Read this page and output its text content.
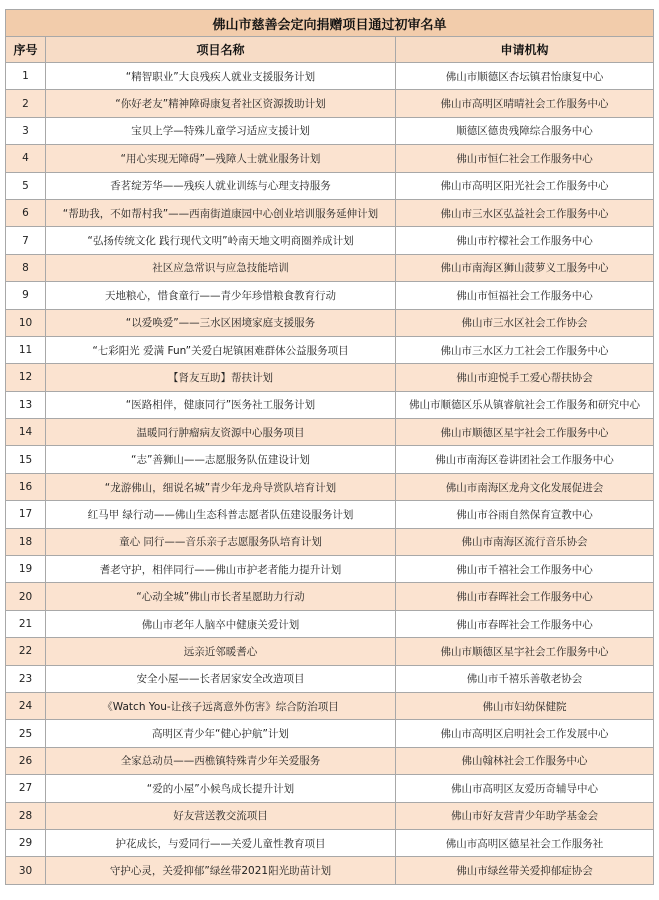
佛山市慈善会定向捐赠项目通过初审名单		
序号	项目名称	申请机构
1	“精智职业”大良残疾人就业支援服务计划	佛山市顺德区杏坛镇君怡康复中心
2	“你好老友”精神障碍康复者社区资源拨助计划	佛山市高明区晴晴社会工作服务中心
3	宝贝上学—特殊儿童学习适应支援计划	顺德区德贵残障综合服务中心
4	“用心实现无障碍”—残障人士就业服务计划	佛山市恒仁社会工作服务中心
5	香茗绽芳华——残疾人就业训练与心理支持服务	佛山市高明区阳光社会工作服务中心
6	“帮助我，不如帮村我”——西南街道康园中心创业培训服务延伸计划	佛山市三水区弘益社会工作服务中心
7	“弘扬传统文化 践行现代文明”岭南天地文明商圈养成计划	佛山市柠檬社会工作服务中心
8	社区应急常识与应急技能培训	佛山市南海区狮山菠萝义工服务中心
9	天地粮心，惜食童行——青少年珍惜粮食教育行动	佛山市恒福社会工作服务中心
10	“以爱唤爱”——三水区困境家庭支援服务	佛山市三水区社会工作协会
11	“七彩阳光 爱满 Fun”关爱白坭镇困难群体公益服务项目	佛山市三水区力工社会工作服务中心
12	【肾友互助】帮扶计划	佛山市迎悦手工爱心帮扶协会
13	“医路相伴，健康同行”医务社工服务计划	佛山市顺德区乐从镇睿航社会工作服务和研究中心
14	温暖同行肿瘤病友资源中心服务项目	佛山市顺德区星宇社会工作服务中心
15	“志”善狮山——志愿服务队伍建设计划	佛山市南海区卷讲团社会工作服务中心
16	“龙游佛山，细说名城”青少年龙舟导赏队培育计划	佛山市南海区龙舟文化发展促进会
17	红马甲 绿行动——佛山生态科普志愿者队伍建设服务计划	佛山市谷雨自然保育宣教中心
18	童心 同行——音乐亲子志愿服务队培育计划	佛山市南海区流行音乐协会
19	耆老守护，相伴同行——佛山市护老者能力提升计划	佛山市千禧社会工作服务中心
20	“心动全城”佛山市长者星愿助力行动	佛山市春晖社会工作服务中心
21	佛山市老年人脑卒中健康关爱计划	佛山市春晖社会工作服务中心
22	远亲近邻暖耆心	佛山市顺德区星宇社会工作服务中心
23	安全小屋——长者居家安全改造项目	佛山市千禧乐善敬老协会
24	《Watch You-让孩子远离意外伤害》综合防治项目	佛山市妇幼保健院
25	高明区青少年“健心护航”计划	佛山市高明区启明社会工作发展中心
26	全家总动员——西樵镇特殊青少年关爱服务	佛山翰林社会工作服务中心
27	“爱的小屋”小候鸟成长提升计划	佛山市高明区友爱历奇辅导中心
28	好友营送教交流项目	佛山市好友营青少年助学基金会
29	护花成长，与爱同行——关爱儿童性教育项目	佛山市高明区德星社会工作服务社
30	守护心灵，关爱抑郁”绿丝带2021阳光助苗计划	佛山市绿丝带关爱抑郁症协会
